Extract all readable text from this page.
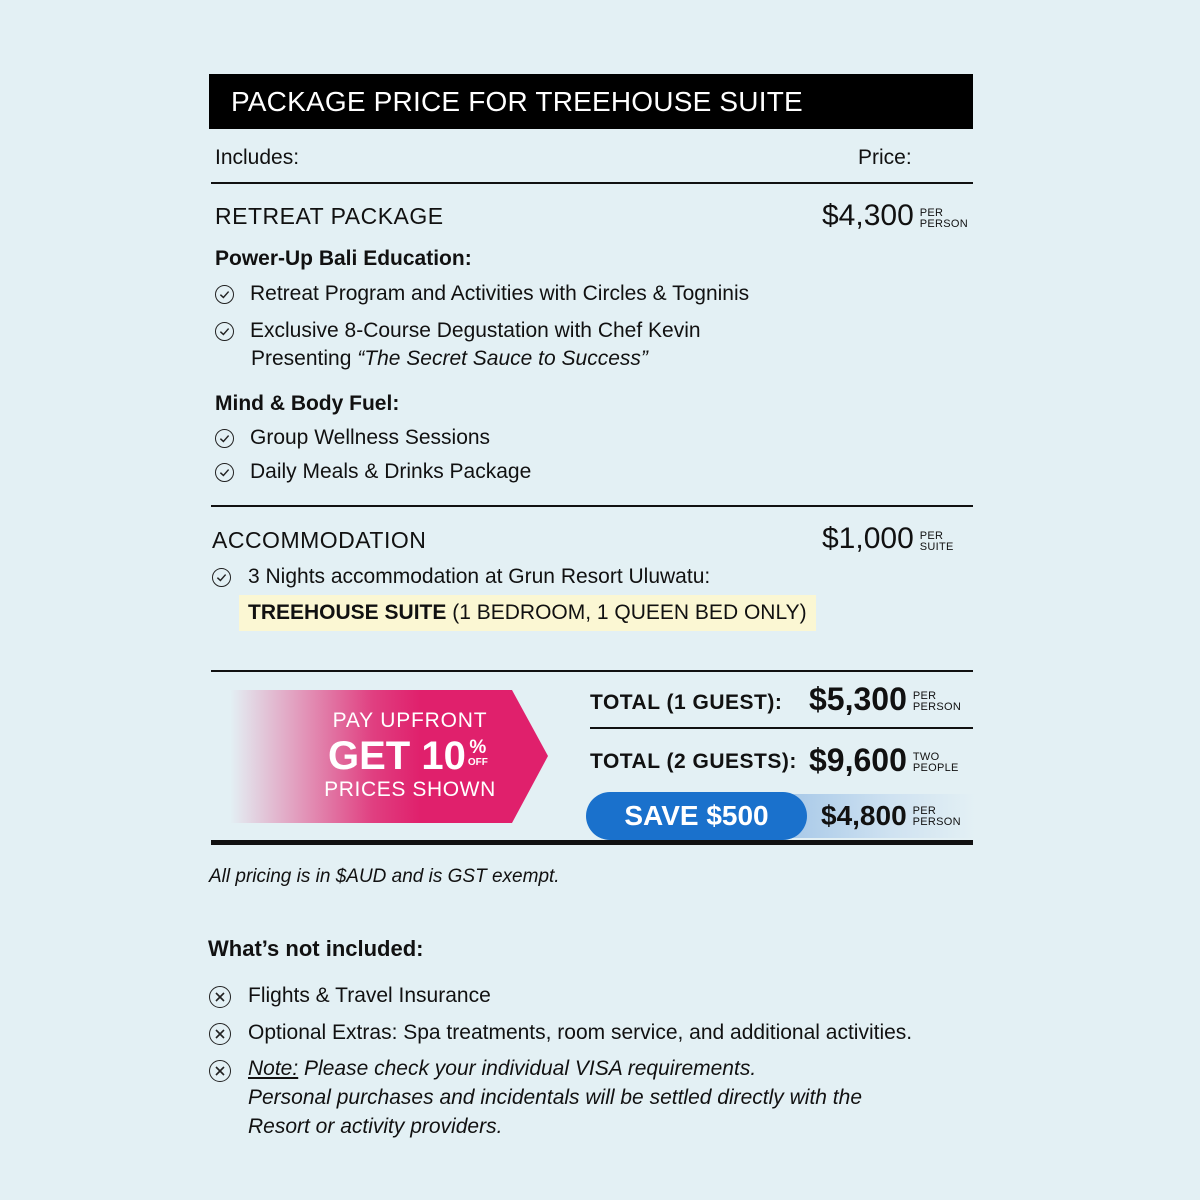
PACKAGE PRICE FOR TREEHOUSE SUITE
Includes:	Price:
RETREAT PACKAGE	$4,300 PER
PERSON
Power-Up Bali Education:
Retreat Program and Activities with Circles & Togninis
Exclusive 8-Course Degustation with Chef Kevin
Presenting “The Secret Sauce to Success”
Mind & Body Fuel:
Group Wellness Sessions
Daily Meals & Drinks Package
ACCOMMODATION	$1,000 PER
SUITE
3 Nights accommodation at Grun Resort Uluwatu:
TREEHOUSE SUITE (1 BEDROOM, 1 QUEEN BED ONLY)
PAY UPFRONT
GET 10 %
OFF
PRICES SHOWN
TOTAL (1 GUEST): $5,300 PER
PERSON
TOTAL (2 GUESTS): $9,600 TWO
PEOPLE
SAVE $500	$4,800 PER
PERSON
All pricing is in $AUD and is GST exempt.
What’s not included:
Flights & Travel Insurance
Optional Extras: Spa treatments, room service, and additional activities.
Note: Please check your individual VISA requirements.
Personal purchases and incidentals will be settled directly with the
Resort or activity providers.
